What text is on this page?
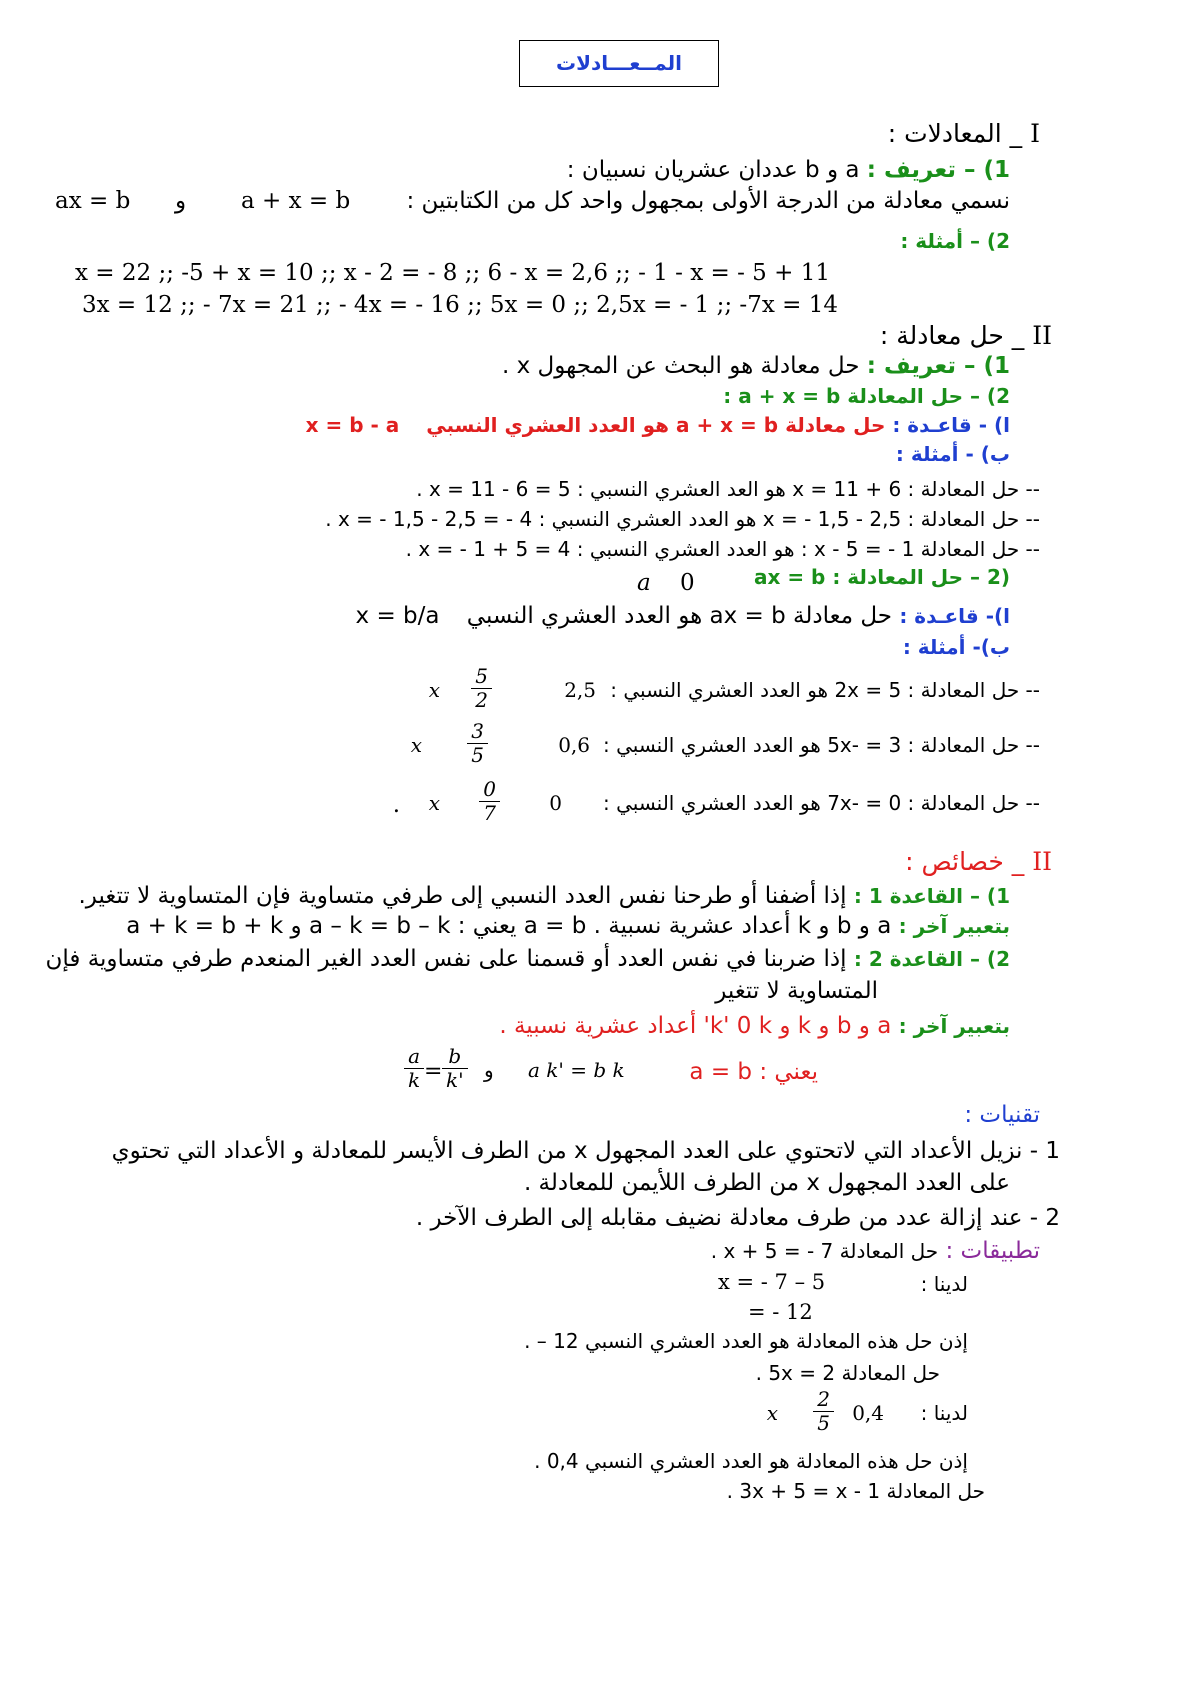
المــعـــادلات
_ المعادلات : I
1) – تعريف : a و b عددان عشريان نسبيان :
نسمي معادلة من الدرجة الأولى بمجهول واحد كل من الكتابتين :
a + x = b
و
ax = b
2) – أمثلة :
x = 22 ;; -5 + x = 10 ;; x - 2 = - 8 ;; 6 - x = 2,6 ;; - 1 - x = - 5 + 11
3x = 12 ;; - 7x = 21 ;; - 4x = - 16 ;; 5x = 0 ;; 2,5x = - 1 ;; -7x = 14
_ حل معادلة : II
1) – تعريف : حل معادلة هو البحث عن المجهول x .
2) – حل المعادلة a + x = b :
ا) - قاعـدة : حل معادلة a + x = b هو العدد العشري النسبي x = b - a
ب) - أمثلة :
-- حل المعادلة : 6 + x = 11 هو العد العشري النسبي : 5 = 6 - x = 11 .
-- حل المعادلة : 2,5 - 1,5 - = x هو العدد العشري النسبي : 4 - = 2,5 - 1,5 - = x .
-- حل المعادلة 1 - = x - 5 : هو العدد العشري النسبي : 4 = 5 + 1 - = x .
(2 – حل المعادلة : ax = b
a 0
ا)- قاعـدة : حل معادلة ax = b هو العدد العشري النسبي x = b/a
ب)- أمثلة :
-- حل المعادلة : 2x = 5 هو العدد العشري النسبي :
2,5
$\frac{5}{2}$
x
-- حل المعادلة : 3 = -5x هو العدد العشري النسبي :
0,6
$\frac{3}{5}$
x
-- حل المعادلة : 0 = -7x هو العدد العشري النسبي :
0
$\frac{0}{7}$
x
.
_ خصائص : II
1) – القاعدة 1 : إذا أضفنا أو طرحنا نفس العدد النسبي إلى طرفي متساوية فإن المتساوية لا تتغير.
بتعبير آخر : a و b و k أعداد عشرية نسبية . a = b يعني : a – k = b – k و a + k = b + k
2) – القاعدة 2 : إذا ضربنا في نفس العدد أو قسمنا على نفس العدد الغير المنعدم طرفي متساوية فإن
المتساوية لا تتغير
بتعبير آخر : a و b و k و k' 0 k' أعداد عشرية نسبية .
$\frac{a}{k} = \frac{b}{k'}$ و a k' = b k	يعني : a = b
تقنيات :
1 - نزيل الأعداد التي لاتحتوي على العدد المجهول x من الطرف الأيسر للمعادلة و الأعداد التي تحتوي
على العدد المجهول x من الطرف اللأيمن للمعادلة .
2 - عند إزالة عدد من طرف معادلة نضيف مقابله إلى الطرف الآخر .
تطبيقات : حل المعادلة x + 5 = - 7 .
لدينا :
x = - 7 – 5
= - 12
إذن حل هذه المعادلة هو العدد العشري النسبي 12 – .
حل المعادلة 5x = 2 .
لدينا :
0,4
$\frac{2}{5}$
x
إذن حل هذه المعادلة هو العدد العشري النسبي 0,4 .
حل المعادلة 3x + 5 = x - 1 .
